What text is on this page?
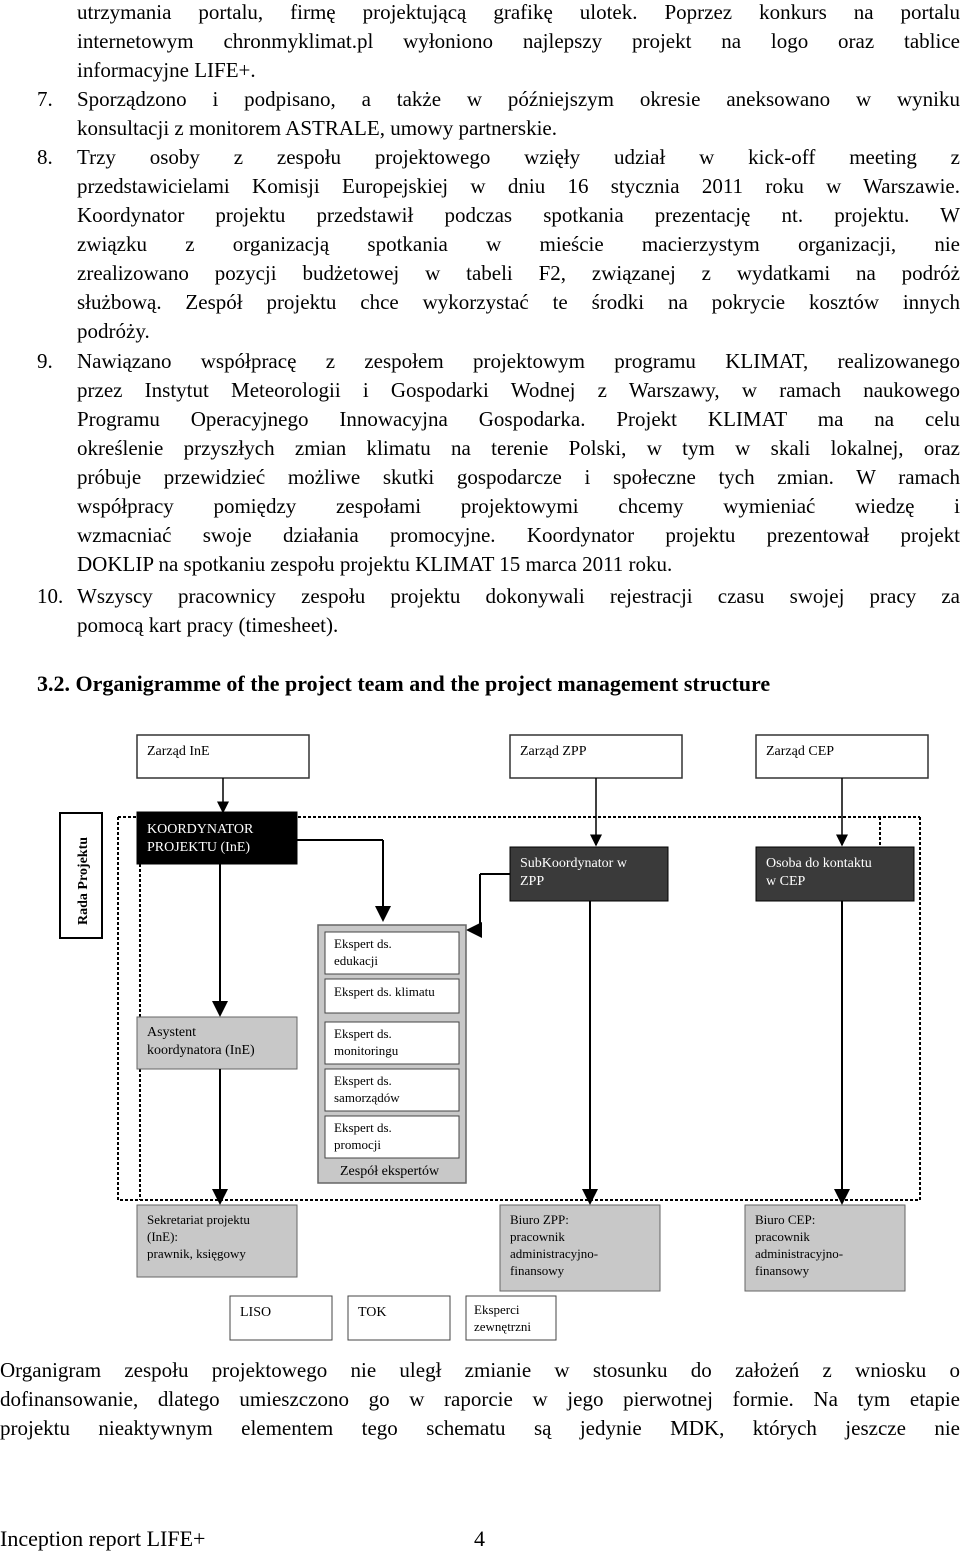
utrzymania portalu, firmę projektującą grafikę ulotek. Poprzez konkurs na portalu
internetowym chronmyklimat.pl wyłoniono najlepszy projekt na logo oraz tablice
informacyjne LIFE+.
7. Sporządzono i podpisano, a także w późniejszym okresie aneksowano w wyniku
konsultacji z monitorem ASTRALE, umowy partnerskie.
8. Trzy osoby z zespołu projektowego wzięły udział w kick-off meeting z
przedstawicielami Komisji Europejskiej w dniu 16 stycznia 2011 roku w Warszawie.
Koordynator projektu przedstawił podczas spotkania prezentację nt. projektu. W
związku z organizacją spotkania w mieście macierzystym organizacji, nie
zrealizowano pozycji budżetowej w tabeli F2, związanej z wydatkami na podróż
służbową. Zespół projektu chce wykorzystać te środki na pokrycie kosztów innych
podróży.
9. Nawiązano współpracę z zespołem projektowym programu KLIMAT, realizowanego
przez Instytut Meteorologii i Gospodarki Wodnej z Warszawy, w ramach naukowego
Programu Operacyjnego Innowacyjna Gospodarka. Projekt KLIMAT ma na celu
określenie przyszłych zmian klimatu na terenie Polski, w tym w skali lokalnej, oraz
próbuje przewidzieć możliwe skutki gospodarcze i społeczne tych zmian. W ramach
współpracy pomiędzy zespołami projektowymi chcemy wymieniać wiedzę i
wzmacniać swoje działania promocyjne. Koordynator projektu prezentował projekt
DOKLIP na spotkaniu zespołu projektu KLIMAT 15 marca 2011 roku.
10. Wszyscy pracownicy zespołu projektu dokonywali rejestracji czasu swojej pracy za
pomocą kart pracy (timesheet).
3.2. Organigramme of the project team and the project management structure
Zarząd InE	Zarząd ZPP	Zarząd CEP
Rada Projektu
KOORDYNATOR
PROJEKTU (InE)
SubKoordynator w
ZPP
Osoba do kontaktu
w CEP
Ekspert ds.
edukacji
Ekspert ds. klimatu
Ekspert ds.
monitoringu
Ekspert ds.
samorządów
Ekspert ds.
promocji
Zespół ekspertów
Asystent
koordynatora (InE)
Sekretariat projektu
(InE):
prawnik, księgowy
Biuro ZPP:
pracownik
administracyjno-
finansowy
Biuro CEP:
pracownik
administracyjno-
finansowy
LISO	TOK	Eksperci
zewnętrzni
Organigram zespołu projektowego nie uległ zmianie w stosunku do założeń z wniosku o
dofinansowanie, dlatego umieszczono go w raporcie w jego pierwotnej formie. Na tym etapie
projektu nieaktywnym elementem tego schematu są jedynie MDK, których jeszcze nie
Inception report LIFE+	4
